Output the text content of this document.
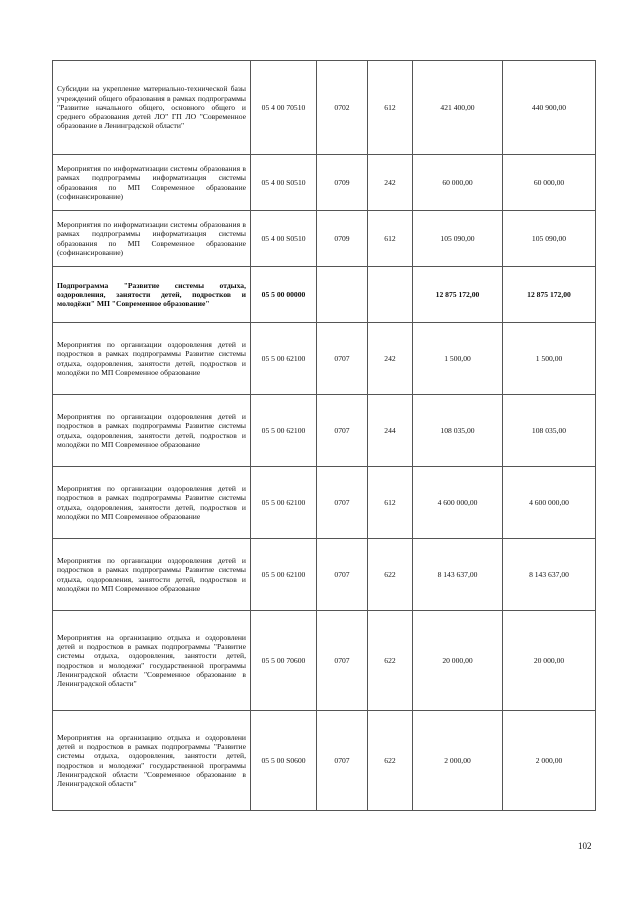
Субсидии на укрепление материально-технической базы учреждений общего образования в рамках подпрограммы "Развитие начального общего, основного общего и среднего образования детей ЛО" ГП ЛО "Современное образование в Ленинградской области"	05 4 00 70510	0702	612	421 400,00	440 900,00
Мероприятия по информатизации системы образования в рамках подпрограммы информатизация системы образования по МП Современное образование (софинансирование)	05 4 00 S0510	0709	242	60 000,00	60 000,00
Мероприятия по информатизации системы образования в рамках подпрограммы информатизация системы образования по МП Современное образование (софинансирование)	05 4 00 S0510	0709	612	105 090,00	105 090,00
Подпрограмма "Развитие системы отдыха, оздоровления, занятости детей, подростков и молодёжи" МП "Современное образование"	05 5 00 00000			12 875 172,00	12 875 172,00
Мероприятия по организации оздоровления детей и подростков в рамках подпрограммы Развитие системы отдыха, оздоровления, занятости детей, подростков и молодёжи по МП Современное образование	05 5 00 62100	0707	242	1 500,00	1 500,00
Мероприятия по организации оздоровления детей и подростков в рамках подпрограммы Развитие системы отдыха, оздоровления, занятости детей, подростков и молодёжи по МП Современное образование	05 5 00 62100	0707	244	108 035,00	108 035,00
Мероприятия по организации оздоровления детей и подростков в рамках подпрограммы Развитие системы отдыха, оздоровления, занятости детей, подростков и молодёжи по МП Современное образование	05 5 00 62100	0707	612	4 600 000,00	4 600 000,00
Мероприятия по организации оздоровления детей и подростков в рамках подпрограммы Развитие системы отдыха, оздоровления, занятости детей, подростков и молодёжи по МП Современное образование	05 5 00 62100	0707	622	8 143 637,00	8 143 637,00
Мероприятия на организацию отдыха и оздоровлени детей и подростков в рамках подпрограммы "Развитие системы отдыха, оздоровления, занятости детей, подростков и молодежи" государственной программы Ленинградской области "Современное образование в Ленинградской области"	05 5 00 70600	0707	622	20 000,00	20 000,00
Мероприятия на организацию отдыха и оздоровлени детей и подростков в рамках подпрограммы "Развитие системы отдыха, оздоровления, занятости детей, подростков и молодежи" государственной программы Ленинградской области "Современное образование в Ленинградской области"	05 5 00 S0600	0707	622	2 000,00	2 000,00
102
